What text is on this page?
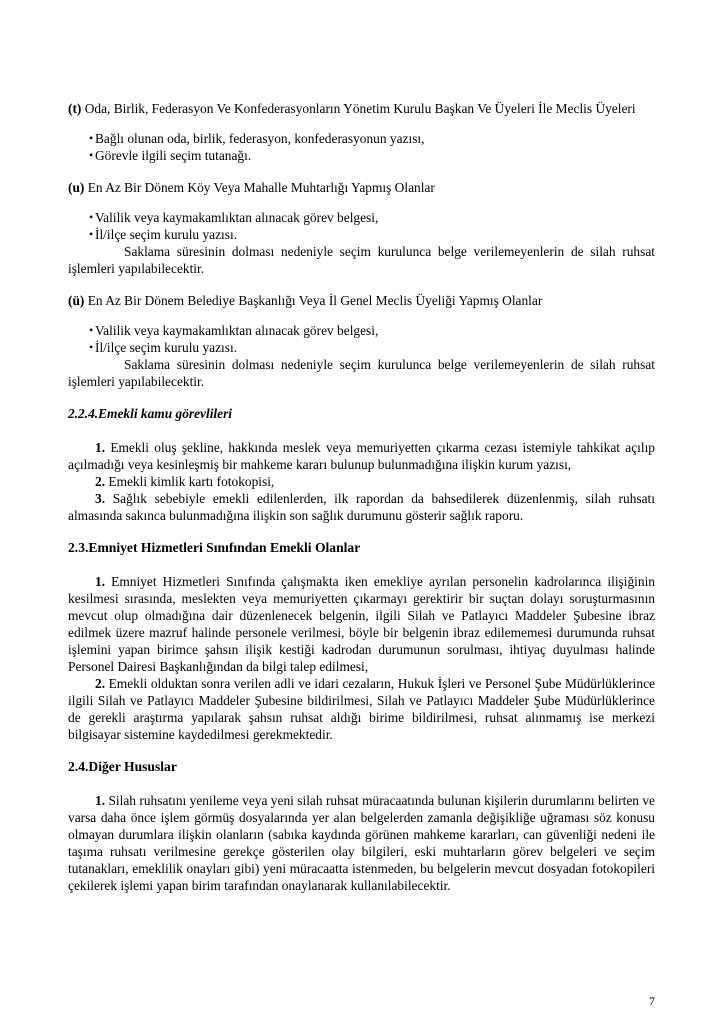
(t) Oda, Birlik, Federasyon Ve Konfederasyonların Yönetim Kurulu Başkan Ve Üyeleri İle Meclis Üyeleri

• Bağlı olunan oda, birlik, federasyon, konfederasyonun yazısı,
• Görevle ilgili seçim tutanağı.

(u) En Az Bir Dönem Köy Veya Mahalle Muhtarlığı Yapmış Olanlar

• Valilik veya kaymakamlıktan alınacak görev belgesi,
• İl/ilçe seçim kurulu yazısı.

Saklama süresinin dolması nedeniyle seçim kurulunca belge verilemeyenlerin de silah ruhsat işlemleri yapılabilecektir.

(ü) En Az Bir Dönem Belediye Başkanlığı Veya İl Genel Meclis Üyeliği Yapmış Olanlar

• Valilik veya kaymakamlıktan alınacak görev belgesi,
• İl/ilçe seçim kurulu yazısı.

Saklama süresinin dolması nedeniyle seçim kurulunca belge verilemeyenlerin de silah ruhsat işlemleri yapılabilecektir.

2.2.4.Emekli kamu görevlileri

1. Emekli oluş şekline, hakkında meslek veya memuriyetten çıkarma cezası istemiyle tahkikat açılıp açılmadığı veya kesinleşmiş bir mahkeme kararı bulunup bulunmadığına ilişkin kurum yazısı,

2. Emekli kimlik kartı fotokopisi,

3. Sağlık sebebiyle emekli edilenlerden, ilk rapordan da bahsedilerek düzenlenmiş, silah ruhsatı almasında sakınca bulunmadığına ilişkin son sağlık durumunu gösterir sağlık raporu.

2.3.Emniyet Hizmetleri Sınıfından Emekli Olanlar

1. Emniyet Hizmetleri Sınıfında çalışmakta iken emekliye ayrılan personelin kadrolarınca ilişiğinin kesilmesi sırasında, meslekten veya memuriyetten çıkarmayı gerektirir bir suçtan dolayı soruşturmasının mevcut olup olmadığına dair düzenlenecek belgenin, ilgili Silah ve Patlayıcı Maddeler Şubesine ibraz edilmek üzere mazruf halinde personele verilmesi, böyle bir belgenin ibraz edilememesi durumunda ruhsat işlemini yapan birimce şahsın ilişik kestiği kadrodan durumunun sorulması, ihtiyaç duyulması halinde Personel Dairesi Başkanlığından da bilgi talep edilmesi,

2. Emekli olduktan sonra verilen adli ve idari cezaların, Hukuk İşleri ve Personel Şube Müdürlüklerince ilgili Silah ve Patlayıcı Maddeler Şubesine bildirilmesi, Silah ve Patlayıcı Maddeler Şube Müdürlüklerince de gerekli araştırma yapılarak şahsın ruhsat aldığı birime bildirilmesi, ruhsat alınmamış ise merkezi bilgisayar sistemine kaydedilmesi gerekmektedir.

2.4.Diğer Hususlar

1. Silah ruhsatını yenileme veya yeni silah ruhsat müracaatında bulunan kişilerin durumlarını belirten ve varsa daha önce işlem görmüş dosyalarında yer alan belgelerden zamanla değişikliğe uğraması söz konusu olmayan durumlara ilişkin olanların (sabıka kaydında görünen mahkeme kararları, can güvenliği nedeni ile taşıma ruhsatı verilmesine gerekçe gösterilen olay bilgileri, eski muhtarların görev belgeleri ve seçim tutanakları, emeklilik onayları gibi) yeni müracaatta istenmeden, bu belgelerin mevcut dosyadan fotokopileri çekilerek işlemi yapan birim tarafından onaylanarak kullanılabilecektir.

7
